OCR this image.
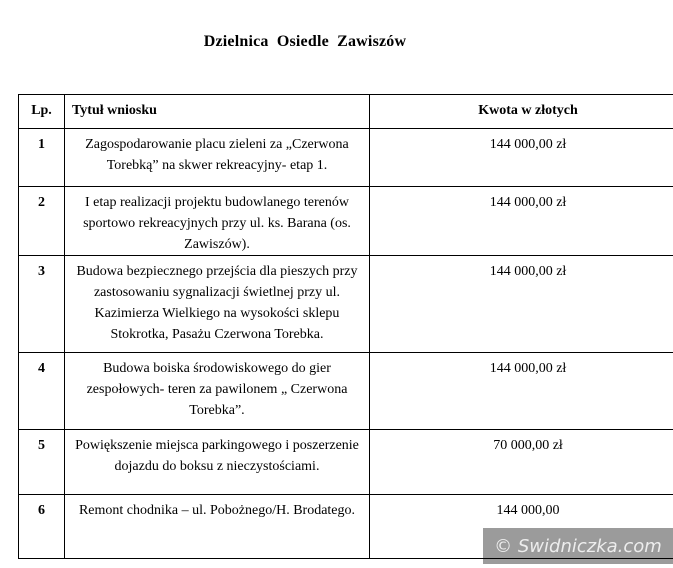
Dzielnica Osiedle Zawiszów
© Swidniczka.com
Lp.	Tytuł wniosku	Kwota w złotych
1	Zagospodarowanie placu zieleni za „Czerwona Torebką” na skwer rekreacyjny- etap 1.	144 000,00 zł
2	I etap realizacji projektu budowlanego terenów sportowo rekreacyjnych przy ul. ks. Barana (os. Zawiszów).	144 000,00 zł
3	Budowa bezpiecznego przejścia dla pieszych przy zastosowaniu sygnalizacji świetlnej przy ul. Kazimierza Wielkiego na wysokości sklepu Stokrotka, Pasażu Czerwona Torebka.	144 000,00 zł
4	Budowa boiska środowiskowego do gier zespołowych- teren za pawilonem „ Czerwona Torebka”.	144 000,00 zł
5	Powiększenie miejsca parkingowego i poszerzenie dojazdu do boksu z nieczystościami.	70 000,00 zł
6	Remont chodnika – ul. Pobożnego/H. Brodatego.	144 000,00
